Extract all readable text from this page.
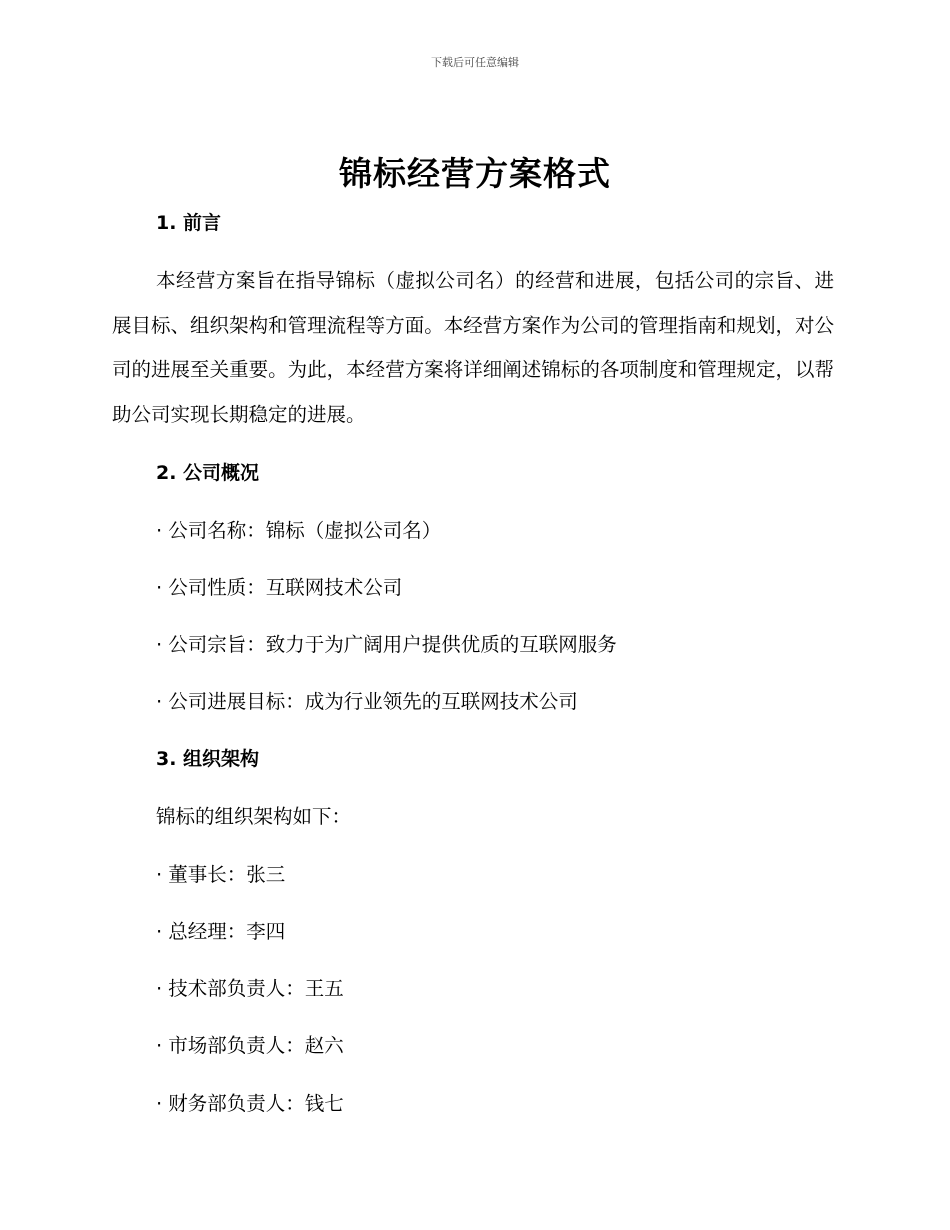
下载后可任意编辑
锦标经营方案格式
1. 前言
本经营方案旨在指导锦标（虚拟公司名）的经营和进展，包括公司的宗旨、进展目标、组织架构和管理流程等方面。本经营方案作为公司的管理指南和规划，对公司的进展至关重要。为此，本经营方案将详细阐述锦标的各项制度和管理规定，以帮助公司实现长期稳定的进展。
2. 公司概况
· 公司名称：锦标（虚拟公司名）
· 公司性质：互联网技术公司
· 公司宗旨：致力于为广阔用户提供优质的互联网服务
· 公司进展目标：成为行业领先的互联网技术公司
3. 组织架构
锦标的组织架构如下：
· 董事长：张三
· 总经理：李四
· 技术部负责人：王五
· 市场部负责人：赵六
· 财务部负责人：钱七
